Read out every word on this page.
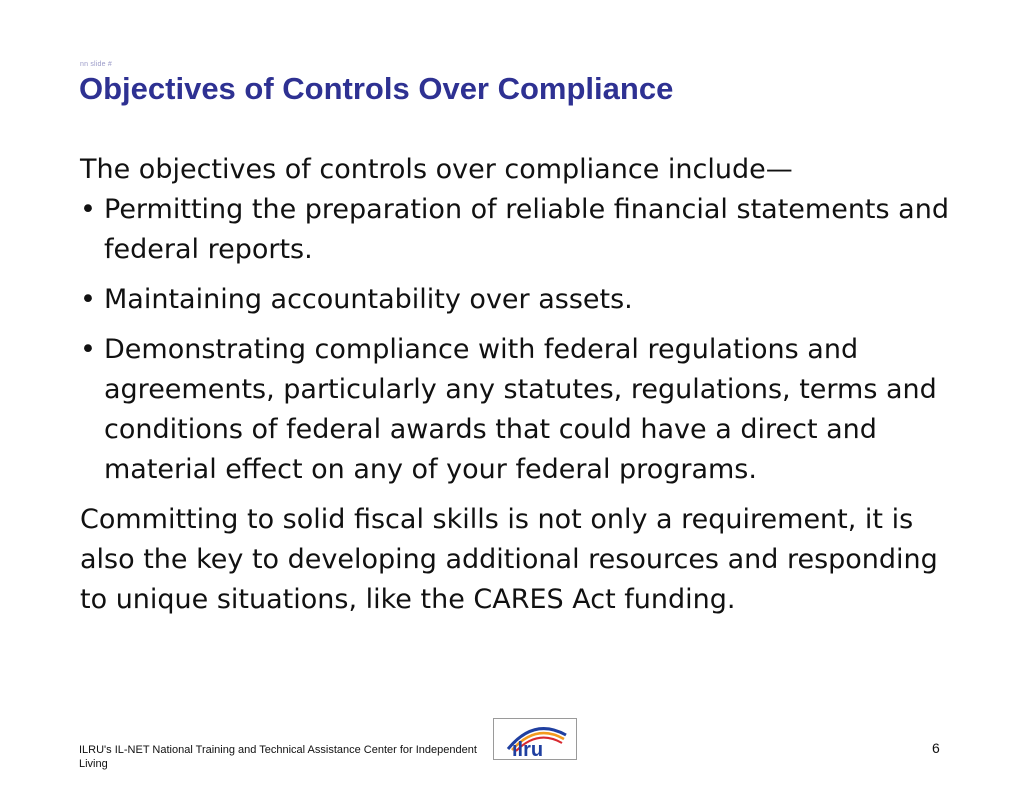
nn slide #
Objectives of Controls Over Compliance

The objectives of controls over compliance include—

• Permitting the preparation of reliable financial statements and federal reports.
• Maintaining accountability over assets.
• Demonstrating compliance with federal regulations and agreements, particularly any statutes, regulations, terms and conditions of federal awards that could have a direct and material effect on any of your federal programs.

Committing to solid fiscal skills is not only a requirement, it is also the key to developing additional resources and responding to unique situations, like the CARES Act funding.

ILRU's IL-NET National Training and Technical Assistance Center for Independent Living
ilru	6
